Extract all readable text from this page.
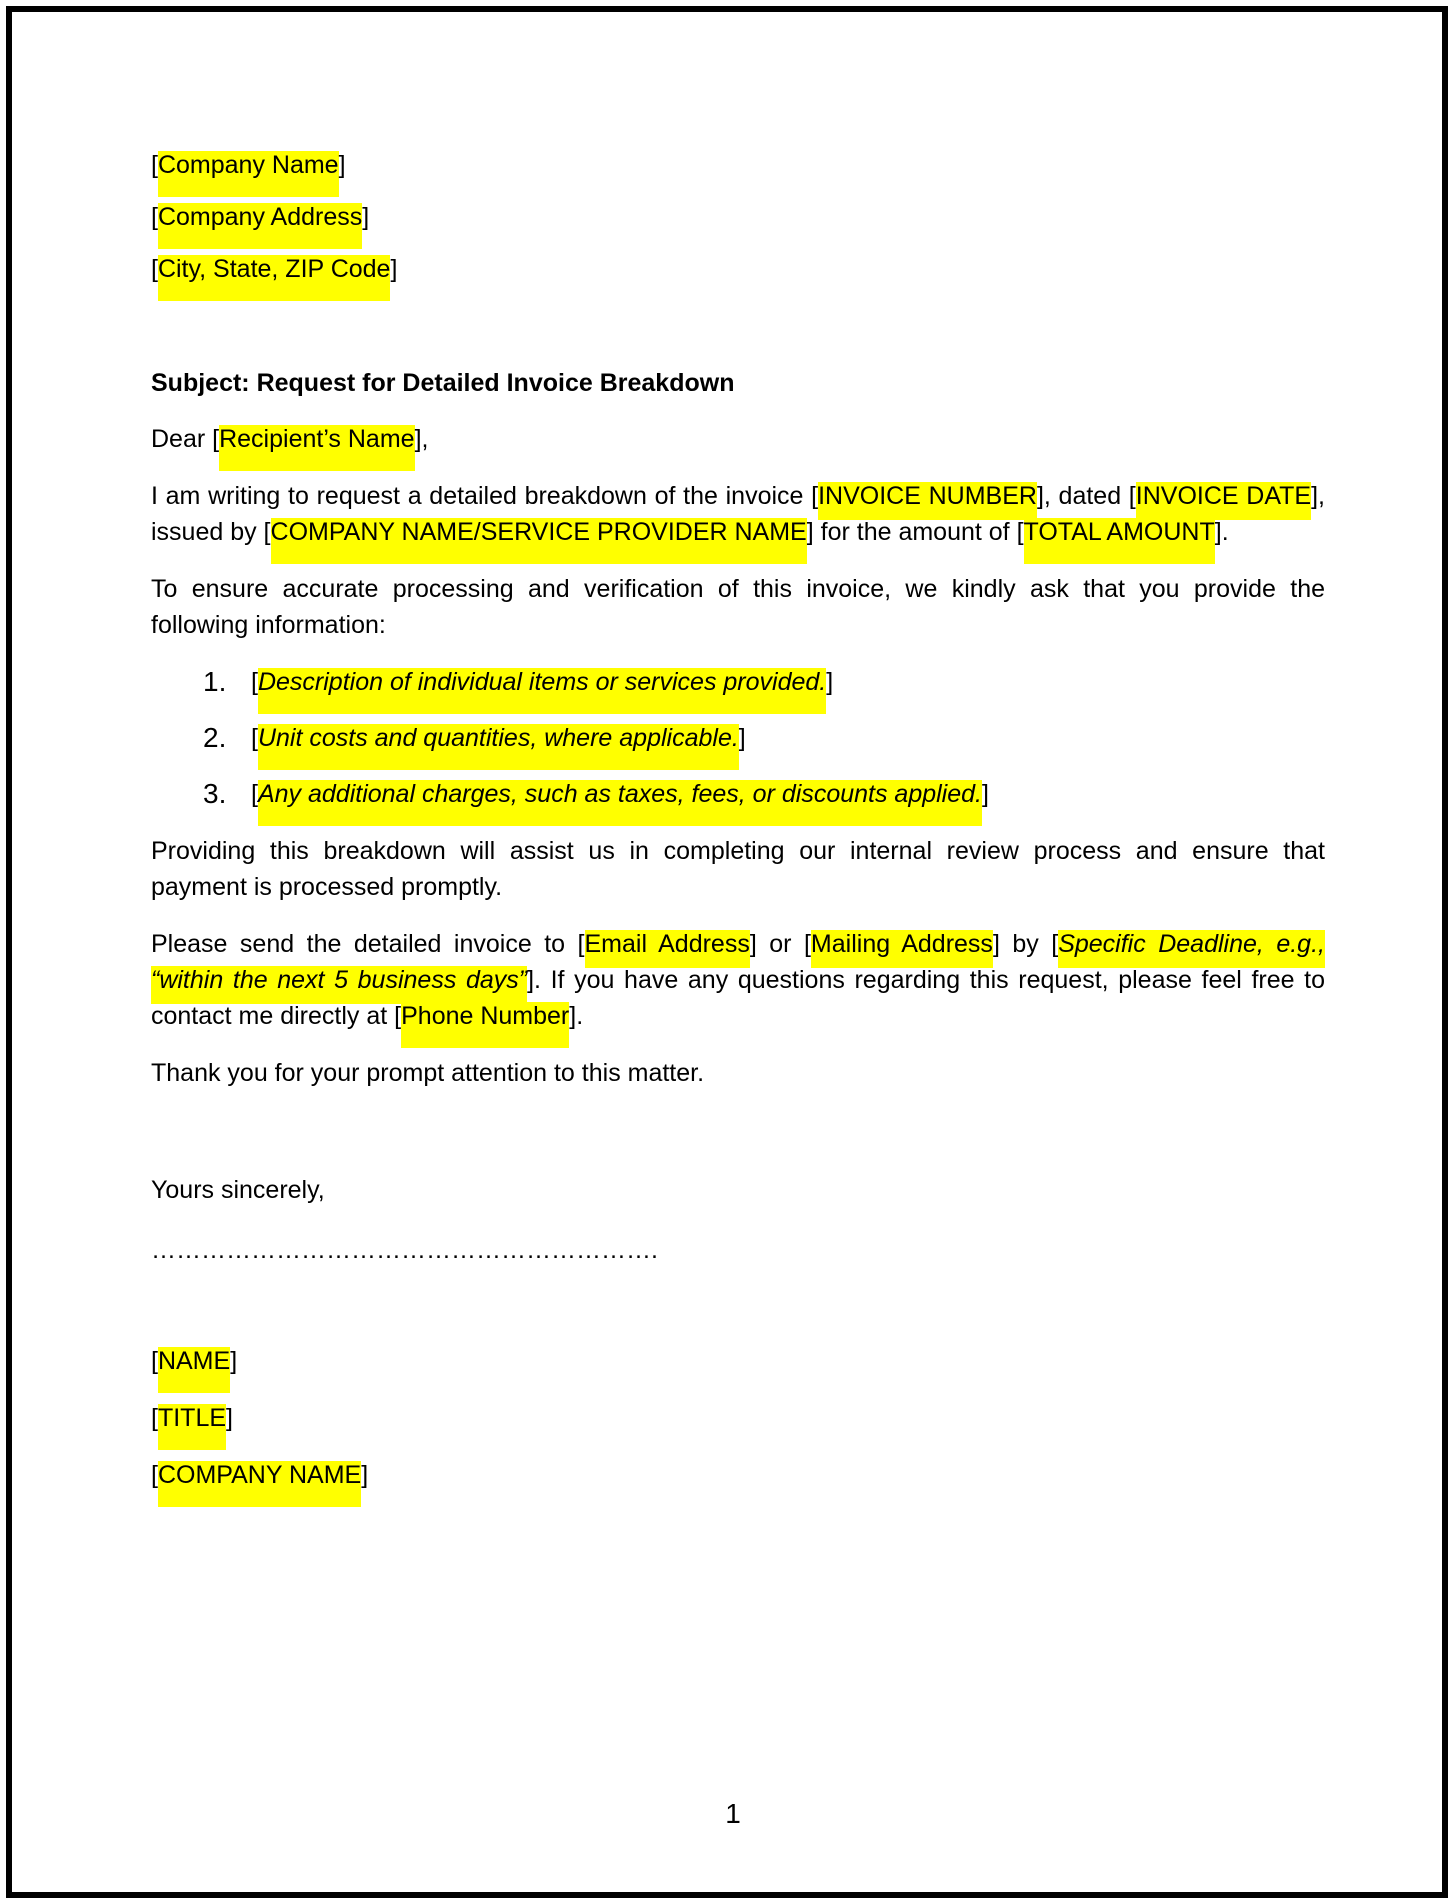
[Company Name]
[Company Address]
[City, State, ZIP Code]
Subject: Request for Detailed Invoice Breakdown
Dear [Recipient’s Name],
I am writing to request a detailed breakdown of the invoice [INVOICE NUMBER], dated [INVOICE DATE],
issued by [COMPANY NAME/SERVICE PROVIDER NAME] for the amount of [TOTAL AMOUNT].
To ensure accurate processing and verification of this invoice, we kindly ask that you provide the
following information:
1. [Description of individual items or services provided.]
2. [Unit costs and quantities, where applicable.]
3. [Any additional charges, such as taxes, fees, or discounts applied.]
Providing this breakdown will assist us in completing our internal review process and ensure that
payment is processed promptly.
Please send the detailed invoice to [Email Address] or [Mailing Address] by [Specific Deadline, e.g.,
“within the next 5 business days”]. If you have any questions regarding this request, please feel free to
contact me directly at [Phone Number].
Thank you for your prompt attention to this matter.
Yours sincerely,
…………………………………………………….
[NAME]
[TITLE]
[COMPANY NAME]
1
